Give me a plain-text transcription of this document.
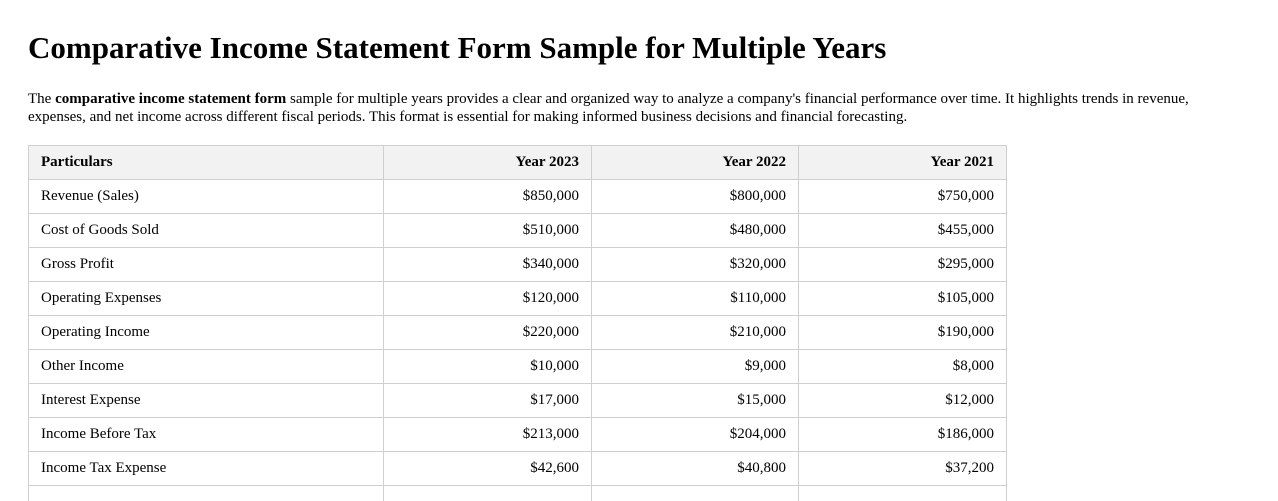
Comparative Income Statement Form Sample for Multiple Years

The comparative income statement form sample for multiple years provides a clear and organized way to analyze a company's financial performance over time. It highlights trends in revenue, expenses, and net income across different fiscal periods. This format is essential for making informed business decisions and financial forecasting.

Particulars	Year 2023	Year 2022	Year 2021
Revenue (Sales)	$850,000	$800,000	$750,000
Cost of Goods Sold	$510,000	$480,000	$455,000
Gross Profit	$340,000	$320,000	$295,000
Operating Expenses	$120,000	$110,000	$105,000
Operating Income	$220,000	$210,000	$190,000
Other Income	$10,000	$9,000	$8,000
Interest Expense	$17,000	$15,000	$12,000
Income Before Tax	$213,000	$204,000	$186,000
Income Tax Expense	$42,600	$40,800	$37,200
